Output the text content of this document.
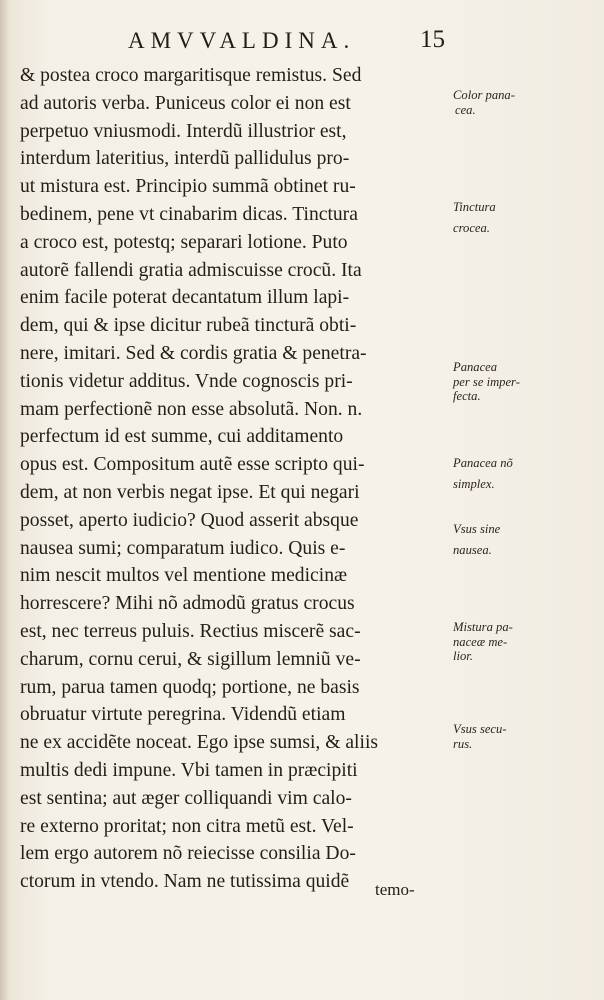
AMVVALDINA.	15
& postea croco margaritisque remistus. Sed
ad autoris verba. Puniceus color ei non est
perpetuo vniusmodi. Interdũ illustrior est,
interdum lateritius, interdũ pallidulus pro-
ut mistura est. Principio summã obtinet ru-
bedinem, pene vt cinabarim dicas. Tinctura
a croco est, potestq; separari lotione. Puto
autorẽ fallendi gratia admiscuisse crocũ. Ita
enim facile poterat decantatum illum lapi-
dem, qui & ipse dicitur rubeã tincturã obti-
nere, imitari. Sed & cordis gratia & penetra-
tionis videtur additus. Vnde cognoscis pri-
mam perfectionẽ non esse absolutã. Non. n.
perfectum id est summe, cui additamento
opus est. Compositum autẽ esse scripto qui-
dem, at non verbis negat ipse. Et qui negari
posset, aperto iudicio? Quod asserit absque
nausea sumi; comparatum iudico. Quis e-
nim nescit multos vel mentione medicinæ
horrescere? Mihi nõ admodũ gratus crocus
est, nec terreus puluis. Rectius miscerẽ sac-
charum, cornu cerui, & sigillum lemniũ ve-
rum, parua tamen quodq; portione, ne basis
obruatur virtute peregrina. Videndũ etiam
ne ex accidẽte noceat. Ego ipse sumsi, & aliis
multis dedi impune. Vbi tamen in præcipiti
est sentina; aut æger colliquandi vim calo-
re externo proritat; non citra metũ est. Vel-
lem ergo autorem nõ reiecisse consilia Do-
ctorum in vtendo. Nam ne tutissima quidẽ
Color pana-
cea.
Tinctura
crocea.
Panacea
per se imper-
fecta.
Panacea nõ
simplex.
Vsus sine
nausea.
Mistura pa-
naceæ me-
lior.
Vsus secu-
rus.
temo-
